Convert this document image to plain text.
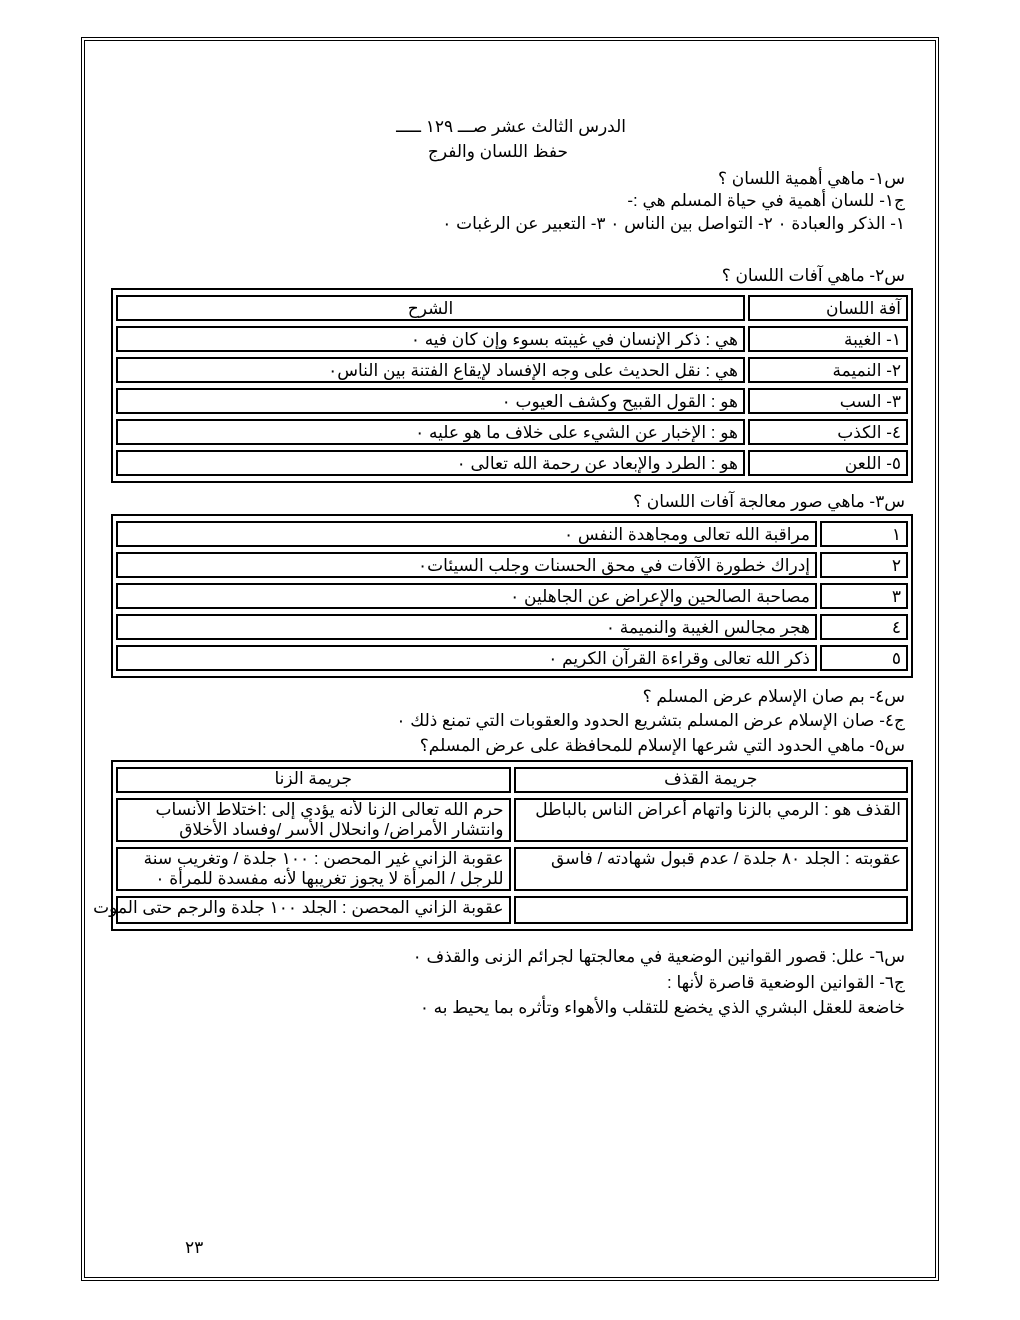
الدرس الثالث عشر صـــ ١٢٩ ـــــ
حفظ اللسان والفرج
س١- ماهي أهمية اللسان ؟
ج١- للسان أهمية في حياة المسلم هي :-
١- الذكر والعبادة ٠ ٢- التواصل بين الناس ٠ ٣- التعبير عن الرغبات ٠
س٢- ماهي آفات اللسان ؟
آفة اللسان	الشرح
١- الغيبة	هي : ذكر الإنسان في غيبته بسوء وإن كان فيه ٠
٢- النميمة	هي : نقل الحديث على وجه الإفساد لإيقاع الفتنة بين الناس٠
٣- السب	هو : القول القبيح وكشف العيوب ٠
٤- الكذب	هو : الإخبار عن الشيء على خلاف ما هو عليه ٠
٥- اللعن	هو : الطرد والإبعاد عن رحمة الله تعالى ٠
س٣- ماهي صور معالجة آفات اللسان ؟
١	مراقبة الله تعالى ومجاهدة النفس ٠
٢	إدراك خطورة الآفات في محق الحسنات وجلب السيئات٠
٣	مصاحبة الصالحين والإعراض عن الجاهلين ٠
٤	هجر مجالس الغيبة والنميمة ٠
٥	ذكر الله تعالى وقراءة القرآن الكريم ٠
س٤- بم صان الإسلام عرض المسلم ؟
ج٤- صان الإسلام عرض المسلم بتشريع الحدود والعقوبات التي تمنع ذلك ٠
س٥- ماهي الحدود التي شرعها الإسلام للمحافظة على عرض المسلم؟
جريمة القذف	جريمة الزنا
القذف هو : الرمي بالزنا واتهام أعراض الناس بالباطل	حرم الله تعالى الزنا لأنه يؤدي إلى :اختلاط الأنساب وانتشار الأمراض/ وانحلال الأسر /وفساد الأخلاق
عقوبته : الجلد ٨٠ جلدة / عدم قبول شهادته / فاسق	عقوبة الزاني غير المحصن : ١٠٠ جلدة / وتغريب سنة للرجل / المرأة لا يجوز تغريبها لأنه مفسدة للمرأة ٠
	عقوبة الزاني المحصن : الجلد ١٠٠ جلدة والرجم حتى الموت
س٦- علل: قصور القوانين الوضعية في معالجتها لجرائم الزنى والقذف ٠
ج٦- القوانين الوضعية قاصرة لأنها :
خاضعة للعقل البشري الذي يخضع للتقلب والأهواء وتأثره بما يحيط به ٠
٢٣
